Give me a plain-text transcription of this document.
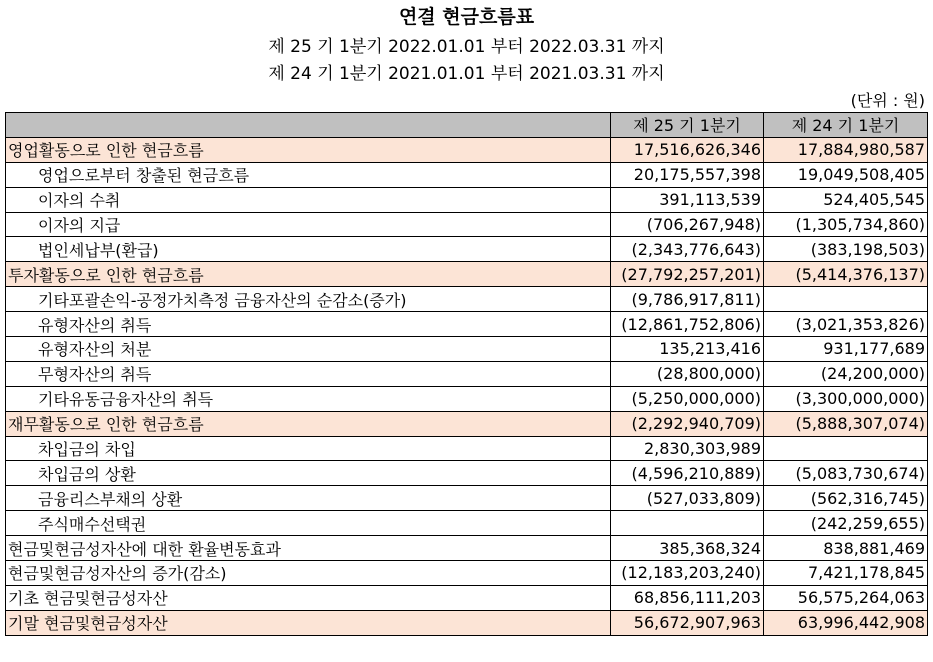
연결 현금흐름표
제 25 기 1분기 2022.01.01 부터 2022.03.31 까지
제 24 기 1분기 2021.01.01 부터 2021.03.31 까지
(단위 : 원)
	제 25 기 1분기	제 24 기 1분기
영업활동으로 인한 현금흐름	17,516,626,346	17,884,980,587
영업으로부터 창출된 현금흐름	20,175,557,398	19,049,508,405
이자의 수취	391,113,539	524,405,545
이자의 지급	(706,267,948)	(1,305,734,860)
법인세납부(환급)	(2,343,776,643)	(383,198,503)
투자활동으로 인한 현금흐름	(27,792,257,201)	(5,414,376,137)
기타포괄손익-공정가치측정 금융자산의 순감소(증가)	(9,786,917,811)	
유형자산의 취득	(12,861,752,806)	(3,021,353,826)
유형자산의 처분	135,213,416	931,177,689
무형자산의 취득	(28,800,000)	(24,200,000)
기타유동금융자산의 취득	(5,250,000,000)	(3,300,000,000)
재무활동으로 인한 현금흐름	(2,292,940,709)	(5,888,307,074)
차입금의 차입	2,830,303,989	
차입금의 상환	(4,596,210,889)	(5,083,730,674)
금융리스부채의 상환	(527,033,809)	(562,316,745)
주식매수선택권		(242,259,655)
현금및현금성자산에 대한 환율변동효과	385,368,324	838,881,469
현금및현금성자산의 증가(감소)	(12,183,203,240)	7,421,178,845
기초 현금및현금성자산	68,856,111,203	56,575,264,063
기말 현금및현금성자산	56,672,907,963	63,996,442,908
